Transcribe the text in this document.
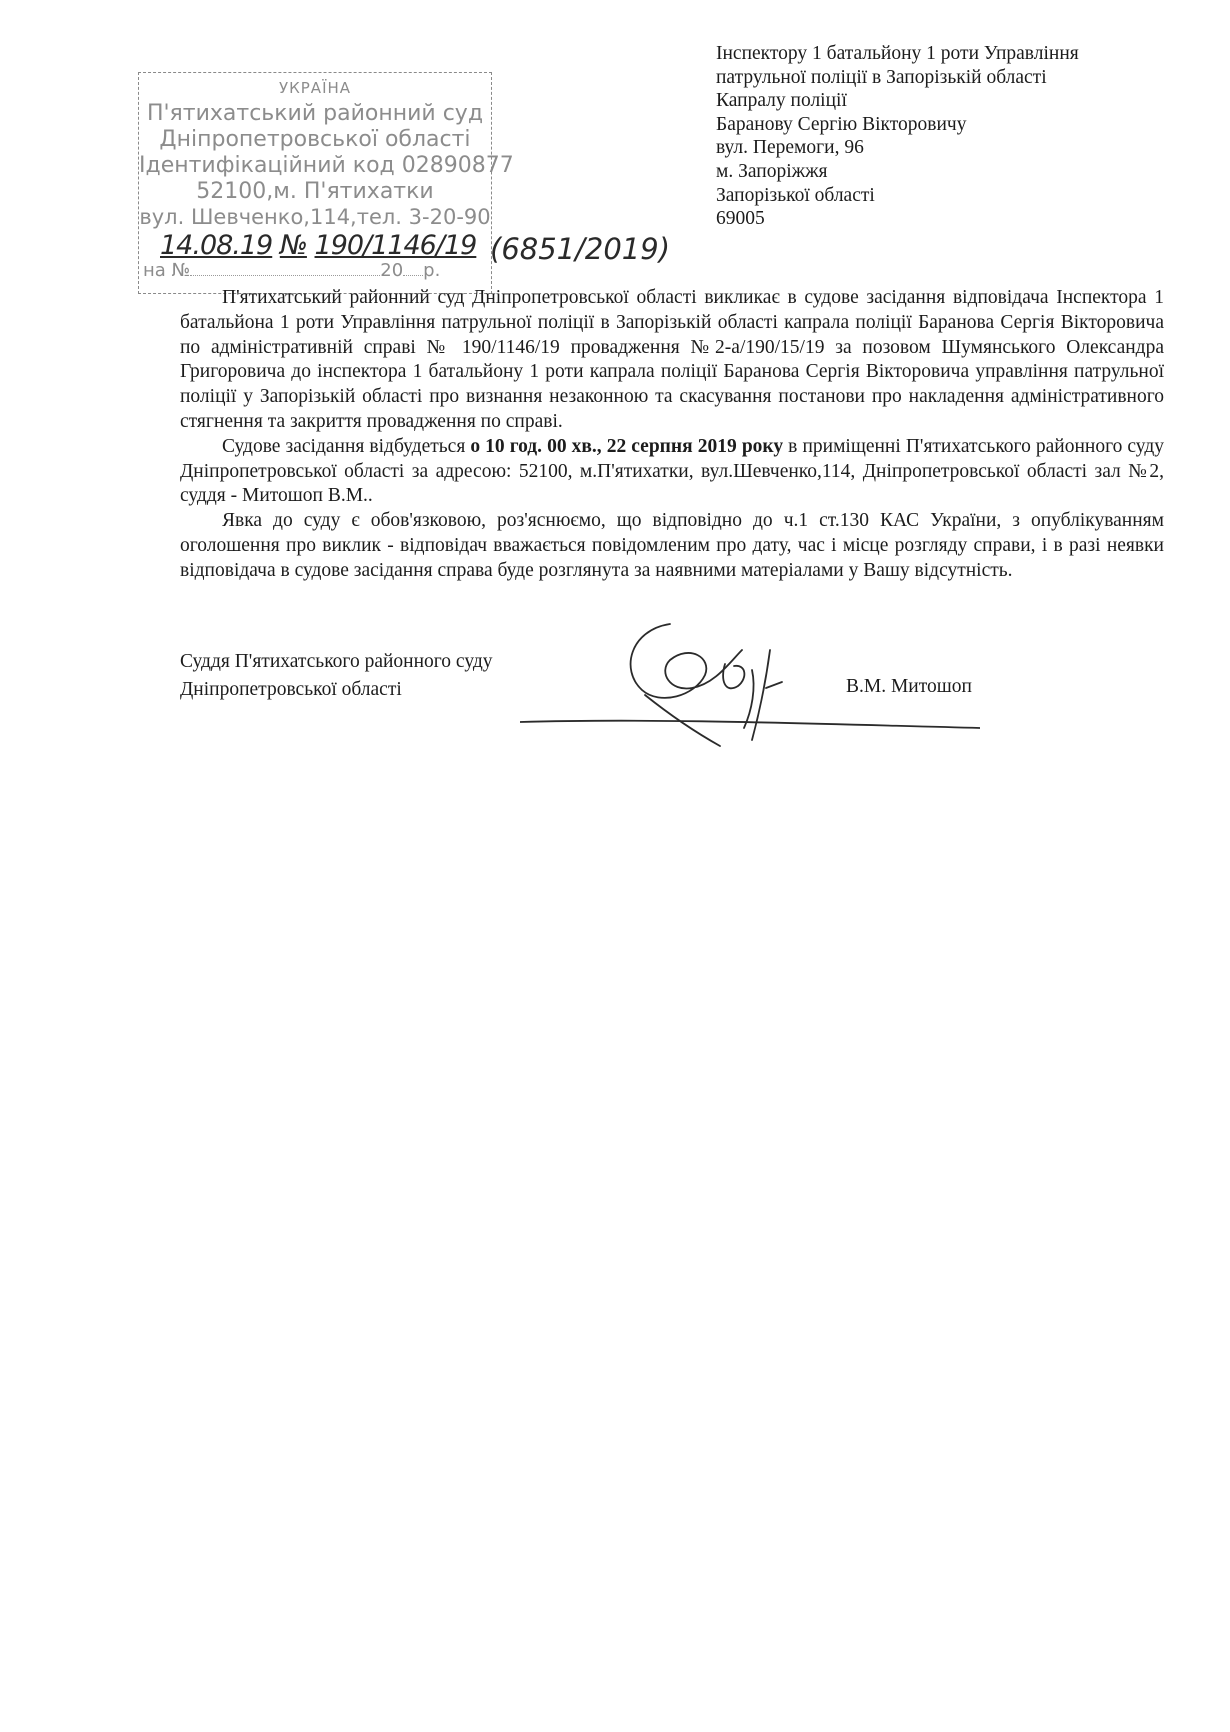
Інспектору 1 батальйону 1 роти Управління
патрульної поліції в Запорізькій області
Капралу поліції
Баранову Сергію Вікторовичу
вул. Перемоги, 96
м. Запоріжжя
Запорізької області
69005
УКРАЇНА
П'ятихатський районний суд
Дніпропетровської області
Ідентифікаційний код 02890877
52100,м. П'ятихатки
вул. Шевченко,114,тел. 3-20-90
на №	20 р.
14.08.19 № 190/1146/19 (6851/2019)

П'ятихатський районний суд Дніпропетровської області викликає в судове засідання відповідача Інспектора 1 батальйона 1 роти Управління патрульної поліції в Запорізькій області капрала поліції Баранова Сергія Вікторовича по адміністративній справі № 190/1146/19 провадження №2-а/190/15/19 за позовом Шумянського Олександра Григоровича до інспектора 1 батальйону 1 роти капрала поліції Баранова Сергія Вікторовича управління патрульної поліції у Запорізькій області про визнання незаконною та скасування постанови про накладення адміністративного стягнення та закриття провадження по справі.

Судове засідання відбудеться о 10 год. 00 хв., 22 серпня 2019 року в приміщенні П'ятихатського районного суду Дніпропетровської області за адресою: 52100, м.П'ятихатки, вул.Шевченко,114, Дніпропетровської області зал №2, суддя - Митошоп В.М..

Явка до суду є обов'язковою, роз'яснюємо, що відповідно до ч.1 ст.130 КАС України, з опублікуванням оголошення про виклик - відповідач вважається повідомленим про дату, час і місце розгляду справи, і в разі неявки відповідача в судове засідання справа буде розглянута за наявними матеріалами у Вашу відсутність.

Суддя П'ятихатського районного суду
Дніпропетровської області	В.М. Митошоп
